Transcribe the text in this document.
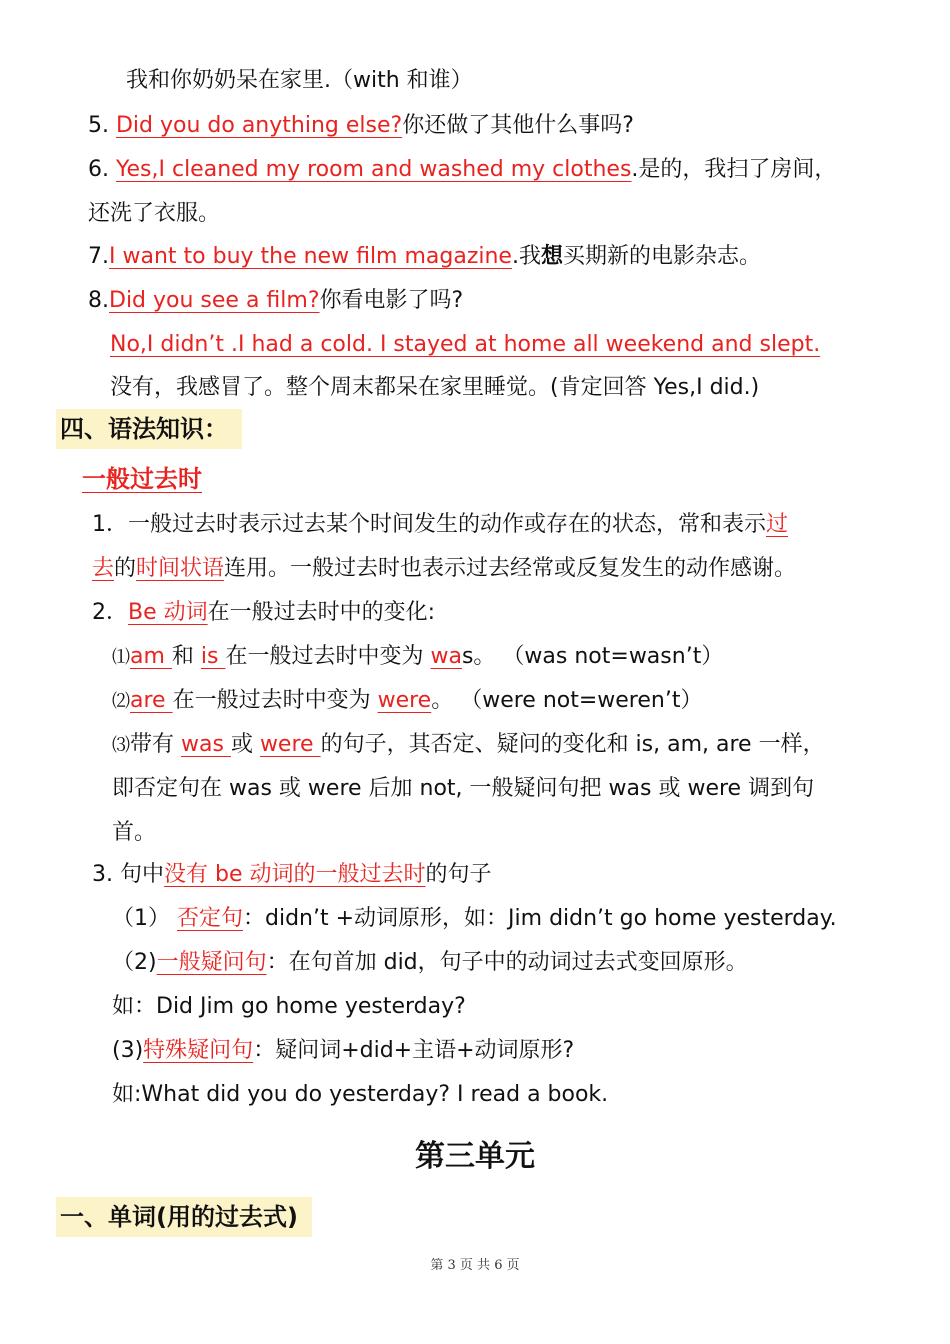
我和你奶奶呆在家里.（with 和谁）
5. Did you do anything else?你还做了其他什么事吗?
6. Yes,I cleaned my room and washed my clothes.是的，我扫了房间，
还洗了衣服。
7.I want to buy the new film magazine.我想买期新的电影杂志。
8.Did you see a film?你看电影了吗?
No,I didn’t .I had a cold. I stayed at home all weekend and slept.
没有，我感冒了。整个周末都呆在家里睡觉。(肯定回答 Yes,I did.)
四、语法知识：
一般过去时
1．一般过去时表示过去某个时间发生的动作或存在的状态，常和表示过
去的时间状语连用。一般过去时也表示过去经常或反复发生的动作感谢。
2．Be 动词在一般过去时中的变化:
⑴am 和 is 在一般过去时中变为 was。 （was not=wasn’t）
⑵are 在一般过去时中变为 were。 （were not=weren’t）
⑶带有 was 或 were 的句子，其否定、疑问的变化和 is, am, are 一样，
即否定句在 was 或 were 后加 not, 一般疑问句把 was 或 were 调到句
首。
3. 句中没有 be 动词的一般过去时的句子
（1） 否定句：didn’t +动词原形，如：Jim didn’t go home yesterday.
（2)一般疑问句：在句首加 did，句子中的动词过去式变回原形。
如：Did Jim go home yesterday?
(3)特殊疑问句：疑问词+did+主语+动词原形?
如:What did you do yesterday? I read a book.
第三单元
一、单词(用的过去式)
第 3 页 共 6 页
